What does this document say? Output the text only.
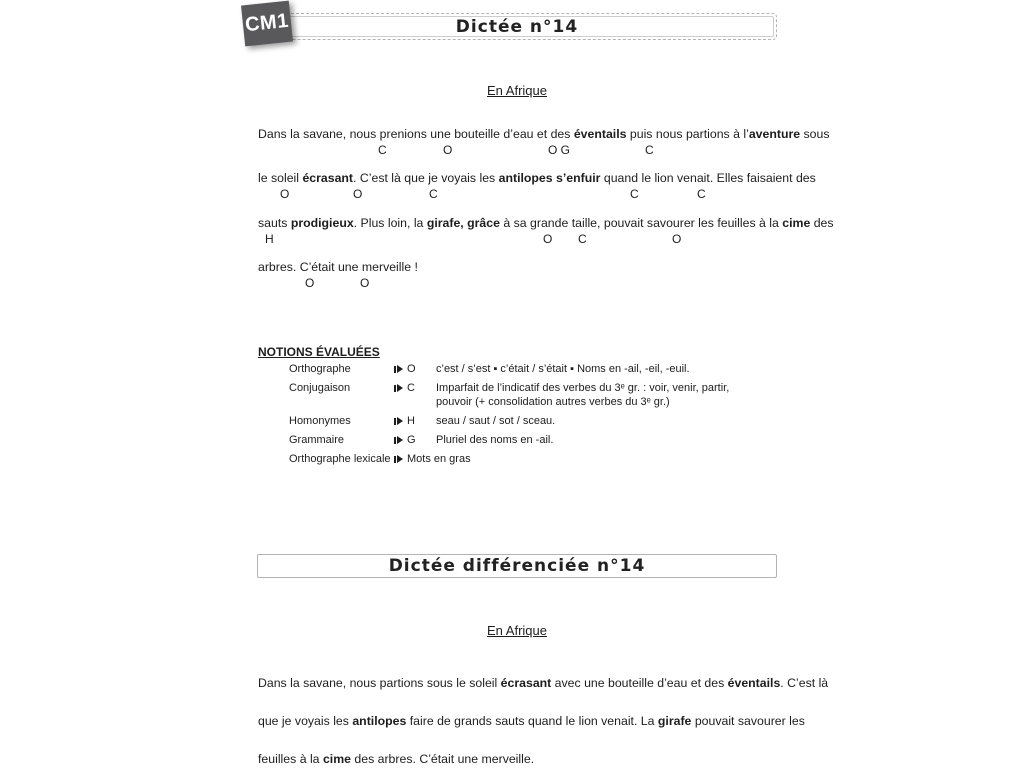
CM1	Dictée n°14
En Afrique
Dans la savane, nous prenions une bouteille d’eau et des éventails puis nous partions à l’aventure sous
C	O	O G	C
le soleil écrasant. C’est là que je voyais les antilopes s’enfuir quand le lion venait. Elles faisaient des
O	O	C	C	C
sauts prodigieux. Plus loin, la girafe, grâce à sa grande taille, pouvait savourer les feuilles à la cime des
H	O C	O
arbres. C’était une merveille !
O	O
NOTIONS ÉVALUÉES
Orthographe	O	c’est / s’est ▪ c’était / s’était ▪ Noms en -ail, -eil, -euil.
Conjugaison	C	Imparfait de l’indicatif des verbes du 3ᵉ gr. : voir, venir, partir, pouvoir (+ consolidation autres verbes du 3ᵉ gr.)
Homonymes	H	seau / saut / sot / sceau.
Grammaire	G	Pluriel des noms en -ail.
Orthographe lexicale	Mots en gras
Dictée différenciée n°14
En Afrique
Dans la savane, nous partions sous le soleil écrasant avec une bouteille d’eau et des éventails. C’est là
que je voyais les antilopes faire de grands sauts quand le lion venait. La girafe pouvait savourer les
feuilles à la cime des arbres. C’était une merveille.
